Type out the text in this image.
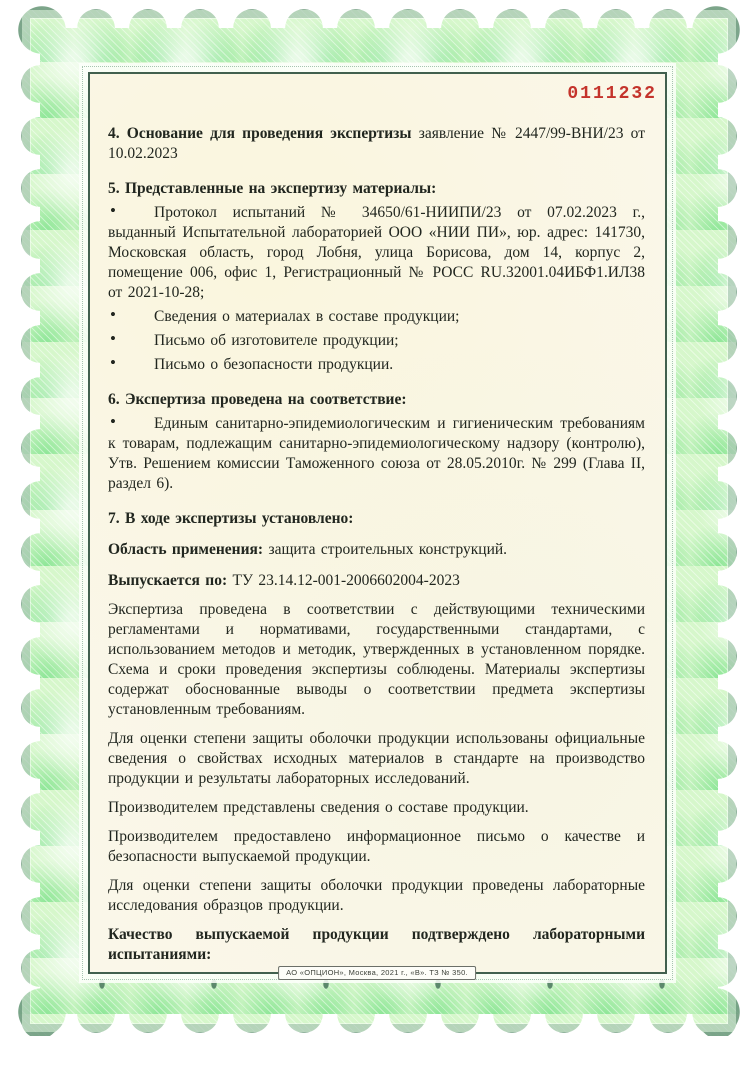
0111232
4. Основание для проведения экспертизы заявление № 2447/99-ВНИ/23 от 10.02.2023
5. Представленные на экспертизу материалы:
• Протокол испытаний № 34650/61-НИИПИ/23 от 07.02.2023 г., выданный Испытательной лабораторией ООО «НИИ ПИ», юр. адрес: 141730, Московская область, город Лобня, улица Борисова, дом 14, корпус 2, помещение 006, офис 1, Регистрационный № РОСС RU.32001.04ИБФ1.ИЛ38 от 2021-10-28;
• Сведения о материалах в составе продукции;
• Письмо об изготовителе продукции;
• Письмо о безопасности продукции.
6. Экспертиза проведена на соответствие:
• Единым санитарно-эпидемиологическим и гигиеническим требованиям к товарам, подлежащим санитарно-эпидемиологическому надзору (контролю), Утв. Решением комиссии Таможенного союза от 28.05.2010г. № 299 (Глава II, раздел 6).
7. В ходе экспертизы установлено:
Область применения: защита строительных конструкций.
Выпускается по: ТУ 23.14.12-001-2006602004-2023
Экспертиза проведена в соответствии с действующими техническими регламентами и нормативами, государственными стандартами, с использованием методов и методик, утвержденных в установленном порядке. Схема и сроки проведения экспертизы соблюдены. Материалы экспертизы содержат обоснованные выводы о соответствии предмета экспертизы установленным требованиям.
Для оценки степени защиты оболочки продукции использованы официальные сведения о свойствах исходных материалов в стандарте на производство продукции и результаты лабораторных исследований.
Производителем представлены сведения о составе продукции.
Производителем предоставлено информационное письмо о качестве и безопасности выпускаемой продукции.
Для оценки степени защиты оболочки продукции проведены лабораторные исследования образцов продукции.
Качество выпускаемой продукции подтверждено лабораторными испытаниями:
АО «ОПЦИОН», Москва, 2021 г., «В». ТЗ № 350.
